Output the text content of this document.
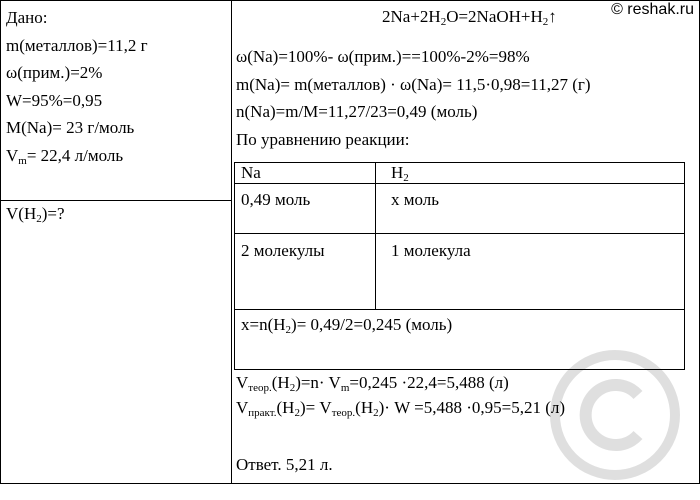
© reshak.ru
Дано:
m(металлов)=11,2 г
ω(прим.)=2%
W=95%=0,95
M(Na)= 23 г/моль
$V_m= 22,4$ л/моль
$V(H_2)=$?
$2Na+2H_2O=2NaOH+H_2↑$
ω(Na)=100%- ω(прим.)==100%-2%=98%
m(Na)= m(металлов) · ω(Na)= 11,5·0,98=11,27 (г)
n(Na)=m/M=11,27/23=0,49 (моль)
По уравнению реакции:
Na	$H_2$
0,49 моль	x моль
2 молекулы	1 молекула
$x=n(H_2)= 0,49/2=0,245$ (моль)
$V_{теор.}(H_2)=n\cdot V_m=0,245 \cdot 22,4=5,488$ (л)
$V_{практ.}(H_2)= V_{теор.}(H_2)\cdot W =5,488 \cdot 0,95=5,21$ (л)
Ответ. 5,21 л.
